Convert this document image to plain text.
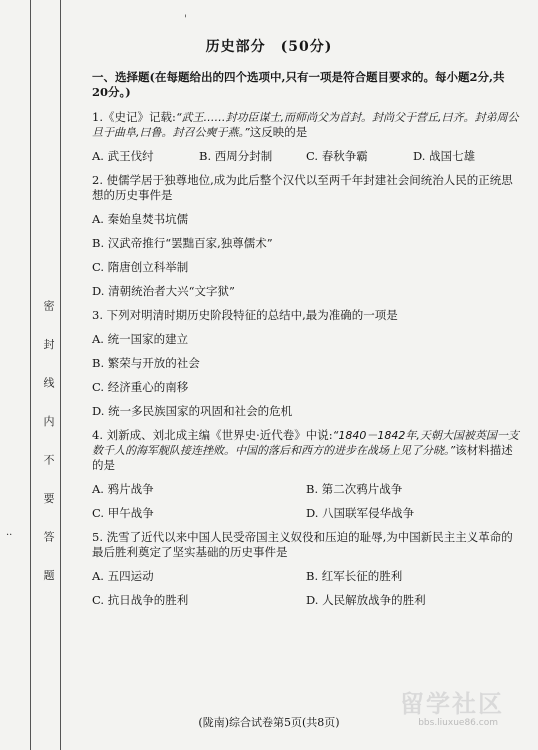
密 封 线 内 不 要 答 题
··
'
历史部分　(50分)
一、选择题(在每题给出的四个选项中,只有一项是符合题目要求的。每小题2分,共20分。)
1.《史记》记载:“武王……封功臣谋士,而师尚父为首封。封尚父于营丘,曰齐。封弟周公旦于曲阜,曰鲁。封召公奭于燕。”这反映的是
A. 武王伐纣	B. 西周分封制	C. 春秋争霸	D. 战国七雄
2. 使儒学居于独尊地位,成为此后整个汉代以至两千年封建社会间统治人民的正统思想的历史事件是
A. 秦始皇焚书坑儒
B. 汉武帝推行“罢黜百家,独尊儒术”
C. 隋唐创立科举制
D. 清朝统治者大兴“文字狱”
3. 下列对明清时期历史阶段特征的总结中,最为准确的一项是
A. 统一国家的建立
B. 繁荣与开放的社会
C. 经济重心的南移
D. 统一多民族国家的巩固和社会的危机
4. 刘新成、刘北成主编《世界史·近代卷》中说:“1840－1842年,天朝大国被英国一支数千人的海军舰队接连挫败。中国的落后和西方的进步在战场上见了分晓。”该材料描述的是
A. 鸦片战争	B. 第二次鸦片战争
C. 甲午战争	D. 八国联军侵华战争
5. 洗雪了近代以来中国人民受帝国主义奴役和压迫的耻辱,为中国新民主主义革命的最后胜利奠定了坚实基础的历史事件是
A. 五四运动	B. 红军长征的胜利
C. 抗日战争的胜利	D. 人民解放战争的胜利
(陇南)综合试卷第5页(共8页)
留学社区
bbs.liuxue86.com
